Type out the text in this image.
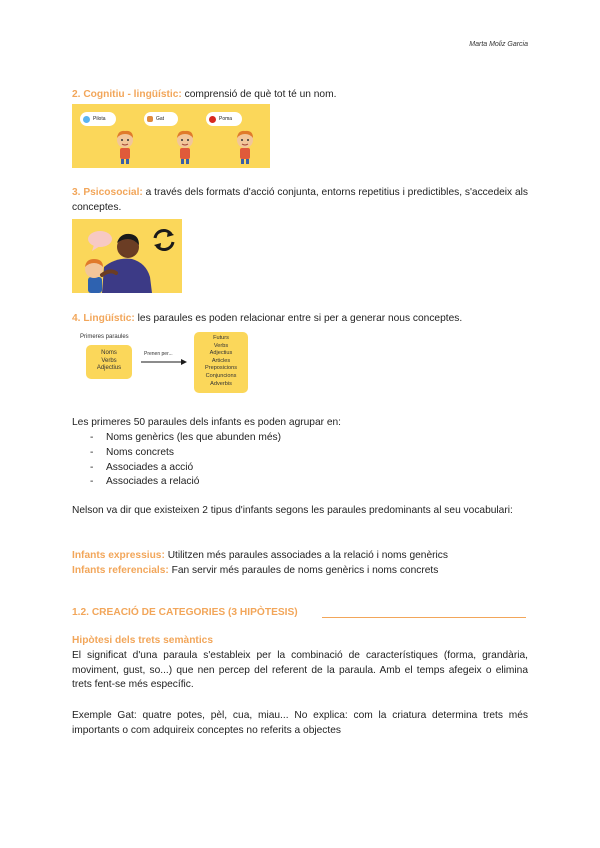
Marta Moliz Garcia
2. Cognitiu - lingüístic: comprensió de què tot té un nom.
Pilota	Gat	Poma
3. Psicosocial: a través dels formats d'acció conjunta, entorns repetitius i predictibles, s'accedeix als conceptes.
4. Lingüístic: les paraules es poden relacionar entre si per a generar nous conceptes.
Primeres paraules
Noms
Verbs
Adjectius
Prenen per...
Futurs
Verbs
Adjectius
Articles
Preposicions
Conjuncions
Adverbis
Les primeres 50 paraules dels infants es poden agrupar en:
- Noms genèrics (les que abunden més)
- Noms concrets
- Associades a acció
- Associades a relació
Nelson va dir que existeixen 2 tipus d'infants segons les paraules predominants al seu vocabulari:
Infants expressius: Utilitzen més paraules associades a la relació i noms genèrics
Infants referencials: Fan servir més paraules de noms genèrics i noms concrets
1.2. CREACIÓ DE CATEGORIES (3 HIPÒTESIS)
Hipòtesi dels trets semàntics
El significat d'una paraula s'estableix per la combinació de característiques (forma, grandària, moviment, gust, so...) que nen percep del referent de la paraula. Amb el temps afegeix o elimina trets fent-se més específic.
Exemple Gat: quatre potes, pèl, cua, miau... No explica: com la criatura determina trets més importants o com adquireix conceptes no referits a objectes
